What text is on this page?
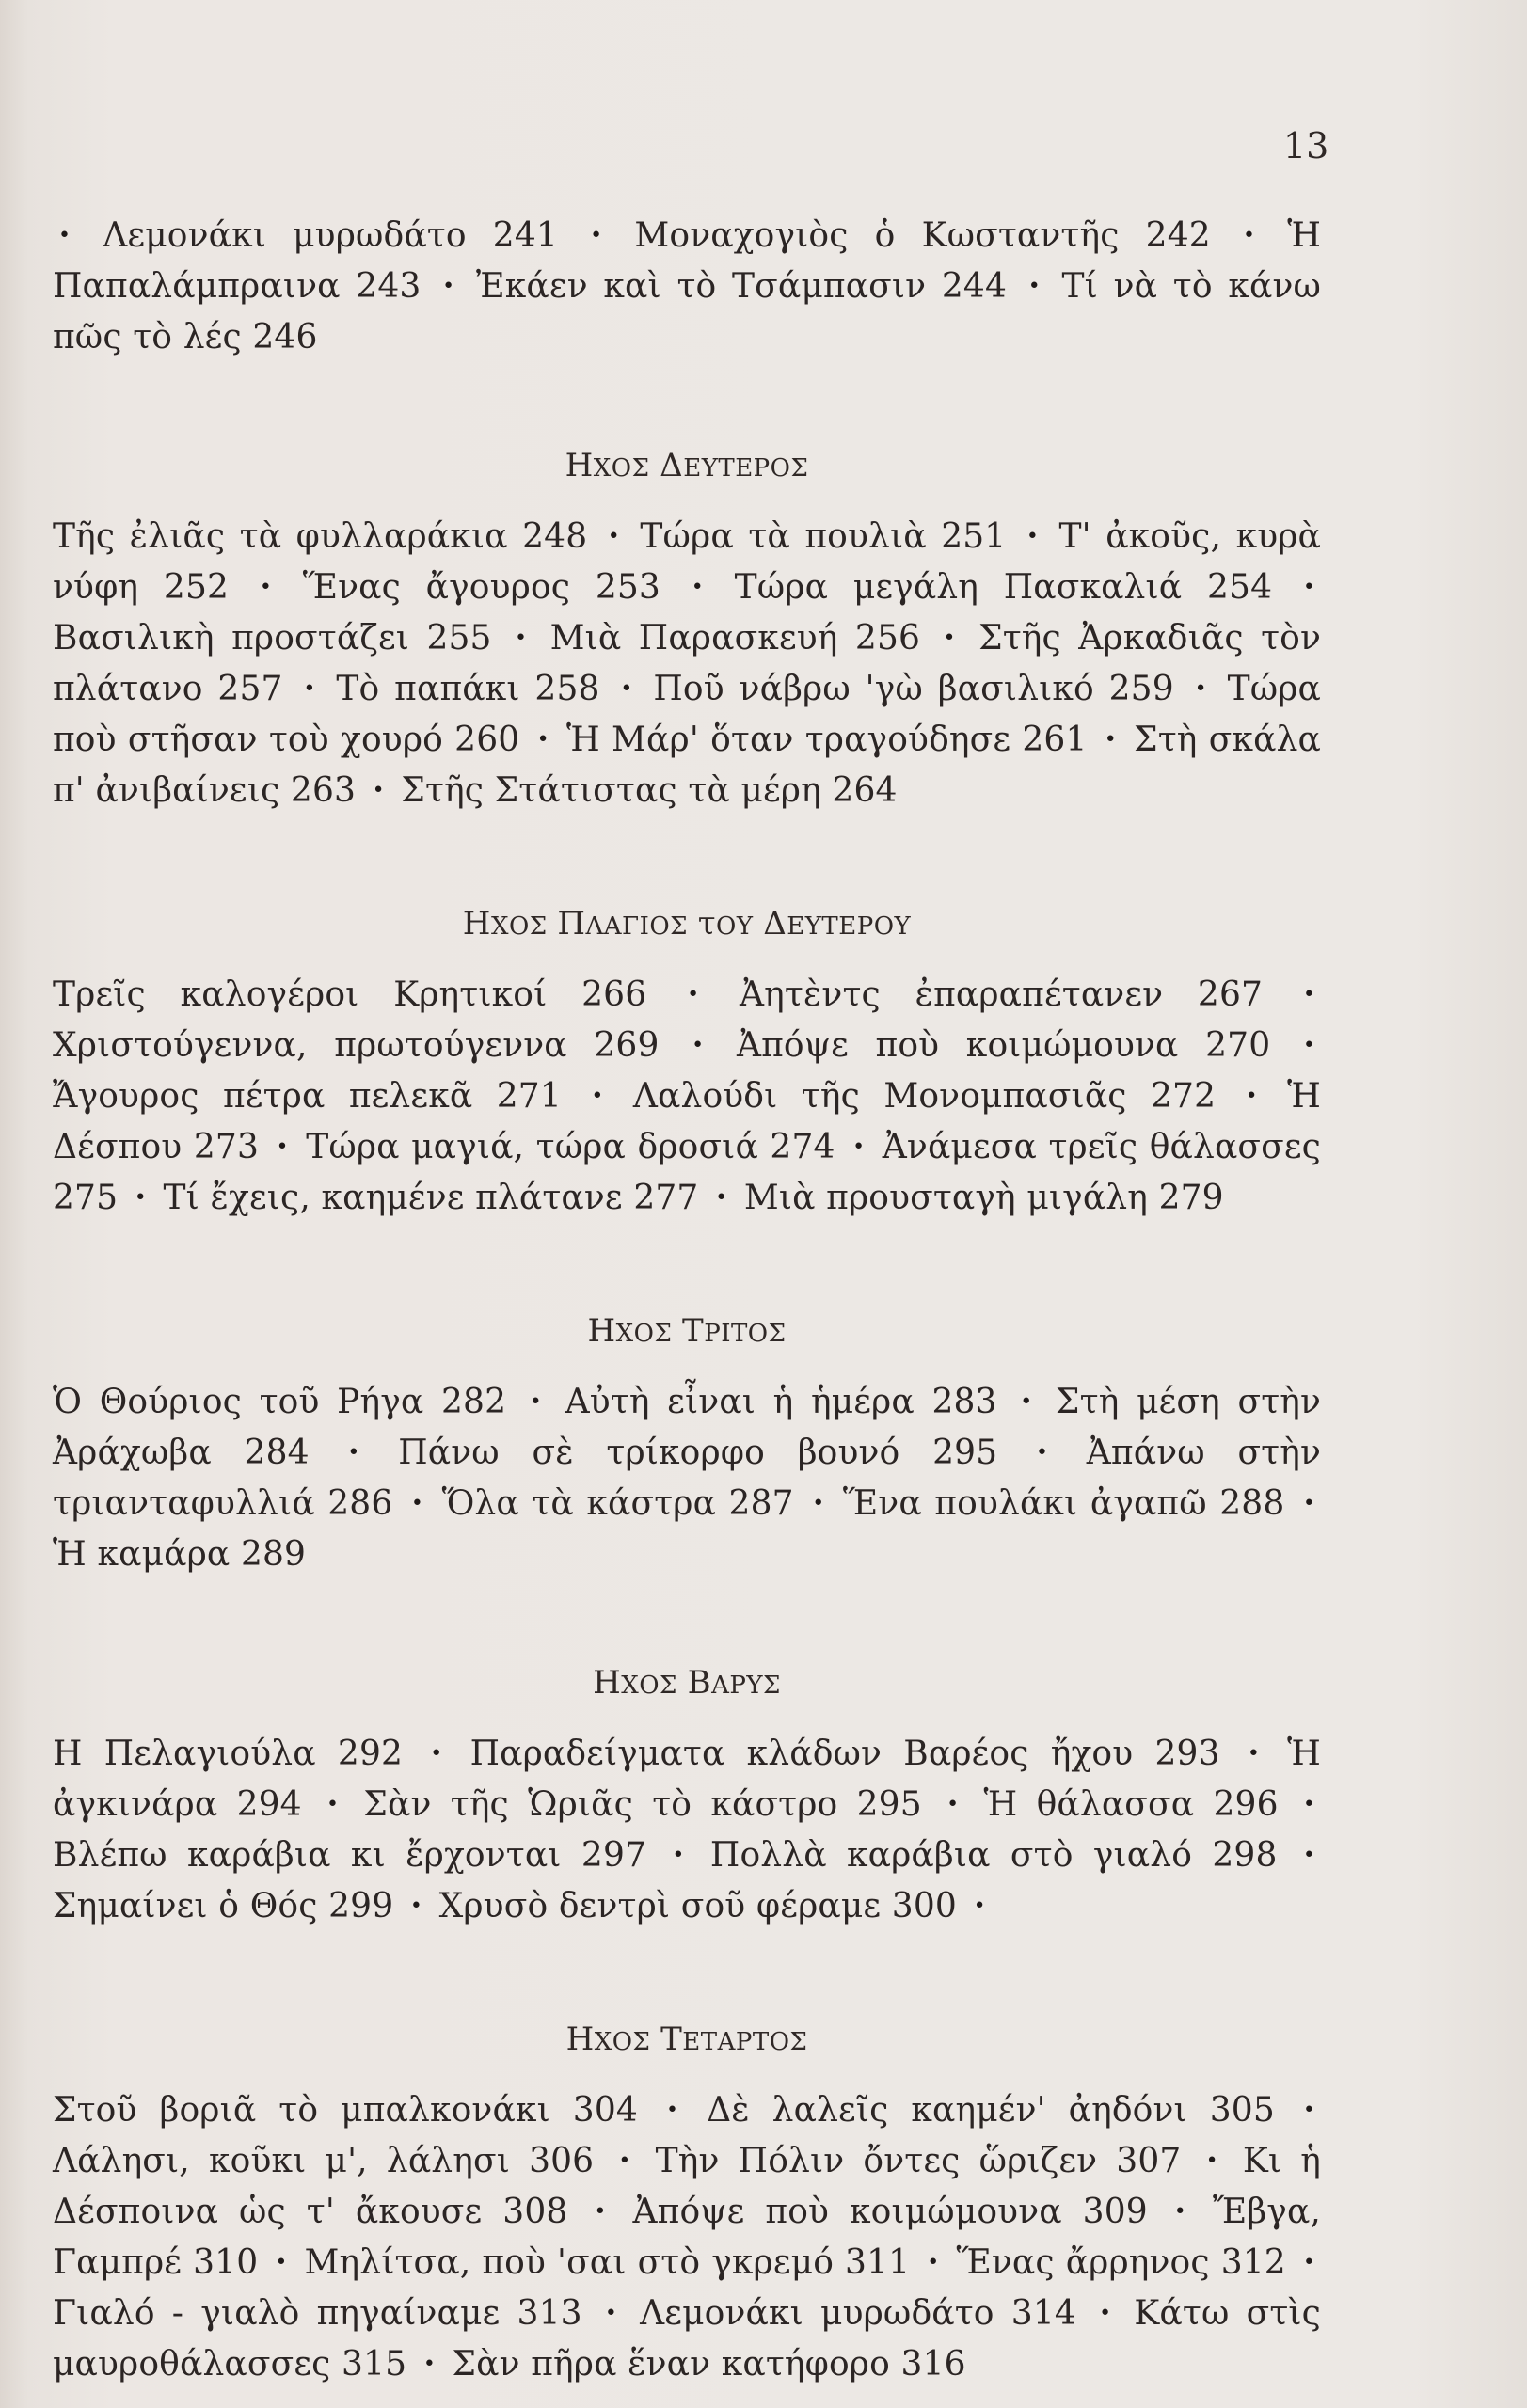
13

• Λεμονάκι μυρωδάτο 241 • Μοναχογιὸς ὁ Κωσταντῆς 242 • Ἡ Παπαλάμπραινα 243 • Ἐκάεν καὶ τὸ Τσάμπασιν 244 • Τί νὰ τὸ κάνω πῶς τὸ λές 246

ΗΧΟΣ ΔΕΥΤΕΡΟΣ

Τῆς ἐλιᾶς τὰ φυλλαράκια 248 • Τώρα τὰ πουλιὰ 251 • Τ' ἀκοῦς, κυρὰ νύφη 252 • Ἕνας ἄγουρος 253 • Τώρα μεγάλη Πασκαλιά 254 • Βασιλικὴ προστάζει 255 • Μιὰ Παρασκευή 256 • Στῆς Ἀρκαδιᾶς τὸν πλάτανο 257 • Τὸ παπάκι 258 • Ποῦ νάβρω 'γὼ βασιλικό 259 • Τώρα ποὺ στῆσαν τοὺ χουρό 260 • Ἡ Μάρ' ὅταν τραγούδησε 261 • Στὴ σκάλα π' ἀνιβαίνεις 263 • Στῆς Στάτιστας τὰ μέρη 264

ΗΧΟΣ ΠΛΑΓΙΟΣ τΟΥ ΔΕΥΤΕΡΟΥ

Τρεῖς καλογέροι Κρητικοί 266 • Ἀητὲντς ἐπαραπέτανεν 267 • Χριστούγεννα, πρωτούγεννα 269 • Ἀπόψε ποὺ κοιμώμουνα 270 • Ἄγουρος πέτρα πελεκᾶ 271 • Λαλούδι τῆς Μονομπασιᾶς 272 • Ἡ Δέσπου 273 • Τώρα μαγιά, τώρα δροσιά 274 • Ἀνάμεσα τρεῖς θάλασσες 275 • Τί ἔχεις, καημένε πλάτανε 277 • Μιὰ προυσταγὴ μιγάλη 279

ΗΧΟΣ ΤΡΙΤΟΣ

Ὁ Θούριος τοῦ Ρήγα 282 • Αὐτὴ εἶναι ἡ ἡμέρα 283 • Στὴ μέση στὴν Ἀράχωβα 284 • Πάνω σὲ τρίκορφο βουνό 295 • Ἀπάνω στὴν τριανταφυλλιά 286 • Ὅλα τὰ κάστρα 287 • Ἕνα πουλάκι ἀγαπῶ 288 • Ἡ καμάρα 289

ΗΧΟΣ ΒΑΡΥΣ

Η Πελαγιούλα 292 • Παραδείγματα κλάδων Βαρέος ἤχου 293 • Ἡ ἀγκινάρα 294 • Σὰν τῆς Ὡριᾶς τὸ κάστρο 295 • Ἡ θάλασσα 296 • Βλέπω καράβια κι ἔρχονται 297 • Πολλὰ καράβια στὸ γιαλό 298 • Σημαίνει ὁ Θός 299 • Χρυσὸ δεντρὶ σοῦ φέραμε 300 •

ΗΧΟΣ ΤΕΤΑΡΤΟΣ

Στοῦ βοριᾶ τὸ μπαλκονάκι 304 • Δὲ λαλεῖς καημέν' ἀηδόνι 305 • Λάλησι, κοῦκι μ', λάλησι 306 • Τὴν Πόλιν ὄντες ὥριζεν 307 • Κι ἡ Δέσποινα ὡς τ' ἄκουσε 308 • Ἀπόψε ποὺ κοιμώμουνα 309 • Ἔβγα, Γαμπρέ 310 • Μηλίτσα, ποὺ 'σαι στὸ γκρεμό 311 • Ἕνας ἄρρηνος 312 • Γιαλό - γιαλὸ πηγαίναμε 313 • Λεμονάκι μυρωδάτο 314 • Κάτω στὶς μαυροθάλασσες 315 • Σὰν πῆρα ἕναν κατήφορο 316
